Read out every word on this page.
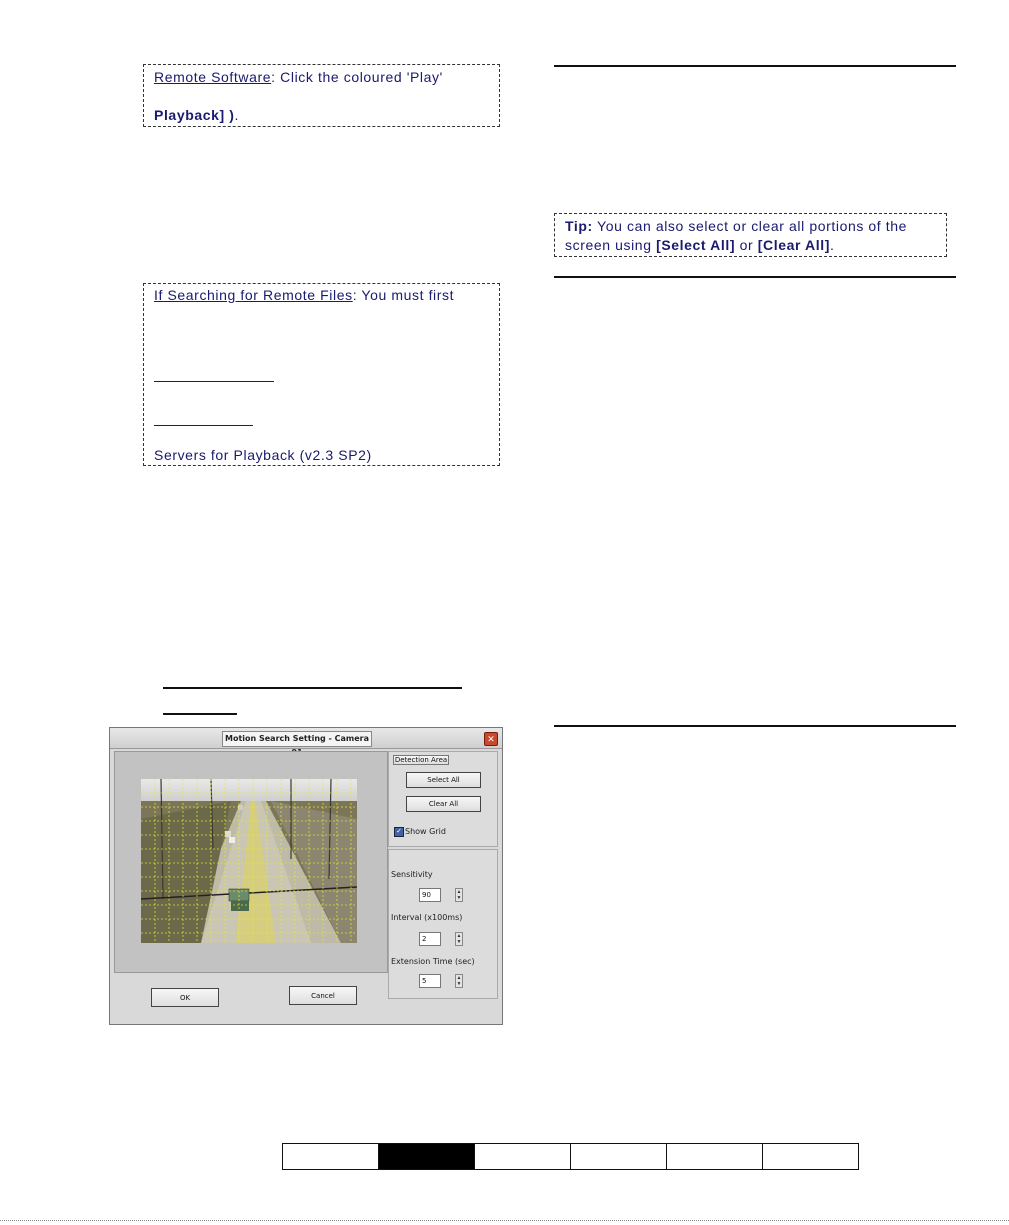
Remote Software: Click the coloured 'Play'
Playback] ).
If Searching for Remote Files: You must first
Servers for Playback (v2.3 SP2)
Tip: You can also select or clear all portions of the
screen using [Select All] or [Clear All].
Motion Search Setting - Camera	✕
Detection Area
Select All
Clear All
✓ Show Grid
Sensitivity
90
▲
▼
Interval (x100ms)
2
▲
▼
Extension Time (sec)
5
▲
▼
OK	Cancel
